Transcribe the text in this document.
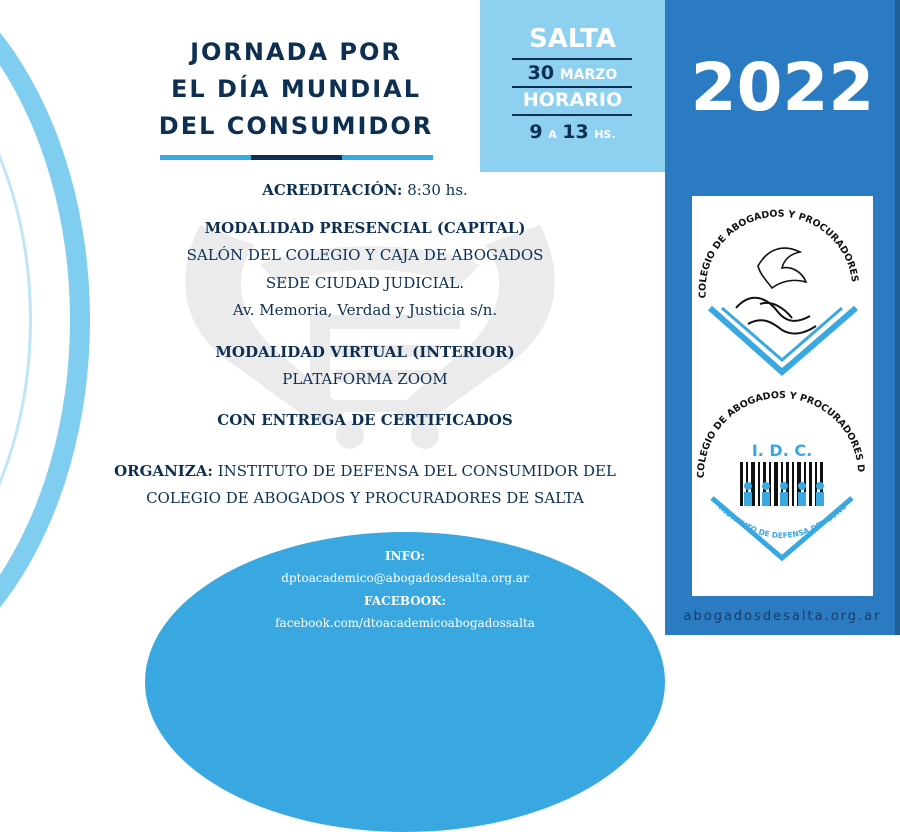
JORNADA POR
EL DÍA MUNDIAL
DEL CONSUMIDOR
ACREDITACIÓN: 8:30 hs.
MODALIDAD PRESENCIAL (CAPITAL)
SALÓN DEL COLEGIO Y CAJA DE ABOGADOS
SEDE CIUDAD JUDICIAL.
Av. Memoria, Verdad y Justicia s/n.
MODALIDAD VIRTUAL (INTERIOR)
PLATAFORMA ZOOM
CON ENTREGA DE CERTIFICADOS
ORGANIZA: INSTITUTO DE DEFENSA DEL CONSUMIDOR DEL
COLEGIO DE ABOGADOS Y PROCURADORES DE SALTA
INFO:
dptoacademico@abogadosdesalta.org.ar
FACEBOOK:
facebook.com/dtoacademicoabogadossalta
SALTA
30 MARZO
HORARIO
9 A 13 HS.
2022
COLEGIO DE ABOGADOS Y PROCURADORES

COLEGIO DE ABOGADOS Y PROCURADORES D
I. D. C.
INSTITUTO DE DEFENSA DEL CONS
abogadosdesalta.org.ar
